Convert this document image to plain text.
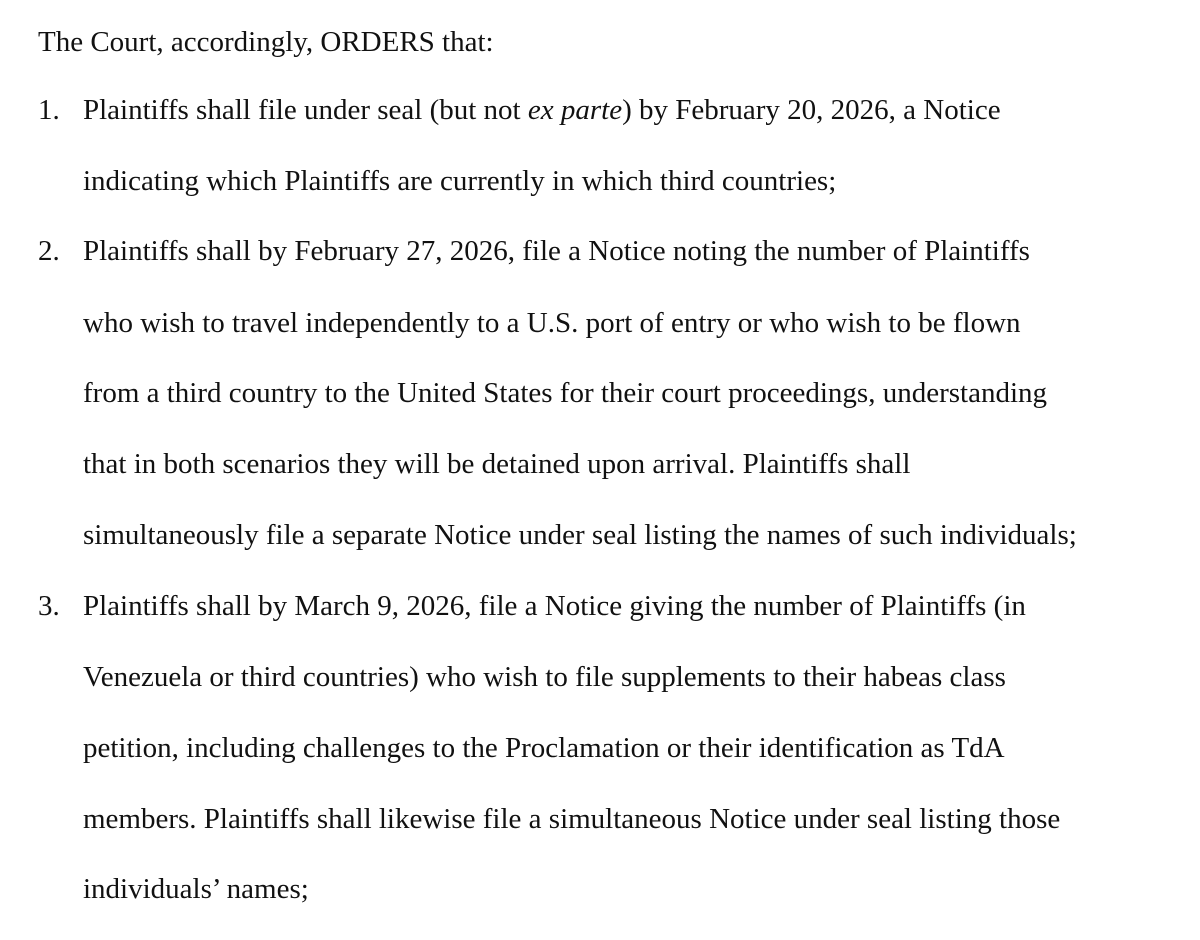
The Court, accordingly, ORDERS that:
1. Plaintiffs shall file under seal (but not ex parte) by February 20, 2026, a Notice
indicating which Plaintiffs are currently in which third countries;
2. Plaintiffs shall by February 27, 2026, file a Notice noting the number of Plaintiffs
who wish to travel independently to a U.S. port of entry or who wish to be flown
from a third country to the United States for their court proceedings, understanding
that in both scenarios they will be detained upon arrival. Plaintiffs shall
simultaneously file a separate Notice under seal listing the names of such individuals;
3. Plaintiffs shall by March 9, 2026, file a Notice giving the number of Plaintiffs (in
Venezuela or third countries) who wish to file supplements to their habeas class
petition, including challenges to the Proclamation or their identification as TdA
members. Plaintiffs shall likewise file a simultaneous Notice under seal listing those
individuals’ names;
